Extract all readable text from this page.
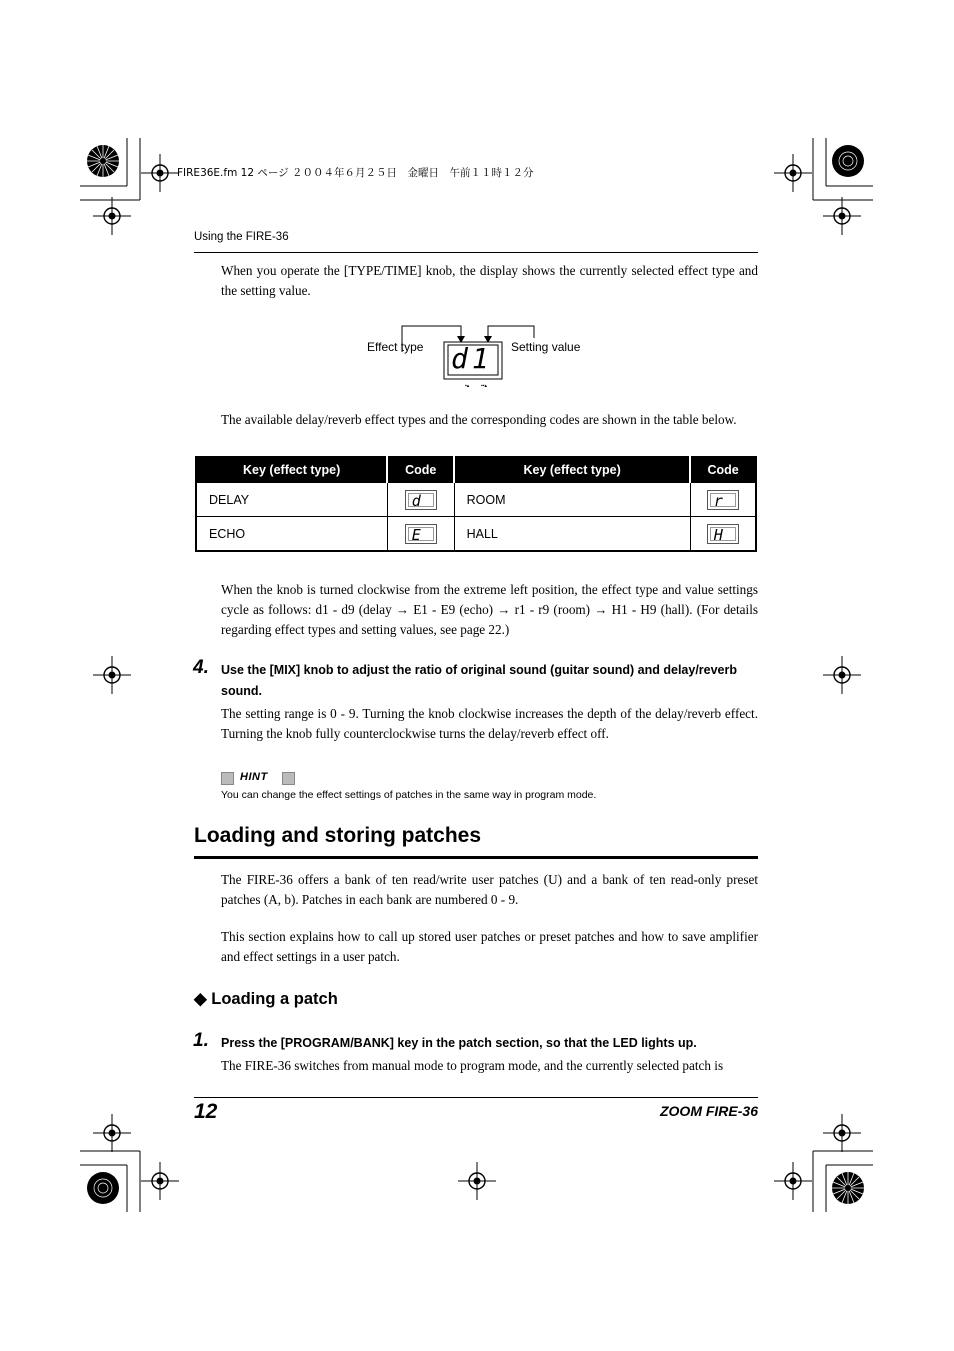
FIRE36E.fm 12 ページ ２００４年６月２５日　金曜日　午前１１時１２分
Using the FIRE-36
When you operate the [TYPE/TIME] knob, the display shows the currently selected effect type and the setting value.
▪▴ ▪▪▴
Effect type	Setting value
d1
The available delay/reverb effect types and the corresponding codes are shown in the table below.
Key (effect type)	Code	Key (effect type)	Code
DELAY	d	ROOM	r
ECHO	E	HALL	H
When the knob is turned clockwise from the extreme left position, the effect type and value settings cycle as follows: d1 - d9 (delay → E1 - E9 (echo) → r1 - r9 (room) → H1 - H9 (hall). (For details regarding effect types and setting values, see page 22.)
4. Use the [MIX] knob to adjust the ratio of original sound (guitar sound) and delay/reverb sound.
The setting range is 0 - 9. Turning the knob clockwise increases the depth of the delay/reverb effect. Turning the knob fully counterclockwise turns the delay/reverb effect off.
HINT
You can change the effect settings of patches in the same way in program mode.
Loading and storing patches
The FIRE-36 offers a bank of ten read/write user patches (U) and a bank of ten read-only preset patches (A, b). Patches in each bank are numbered 0 - 9.
This section explains how to call up stored user patches or preset patches and how to save amplifier and effect settings in a user patch.
◆ Loading a patch
1. Press the [PROGRAM/BANK] key in the patch section, so that the LED lights up.
The FIRE-36 switches from manual mode to program mode, and the currently selected patch is
12	ZOOM FIRE-36
